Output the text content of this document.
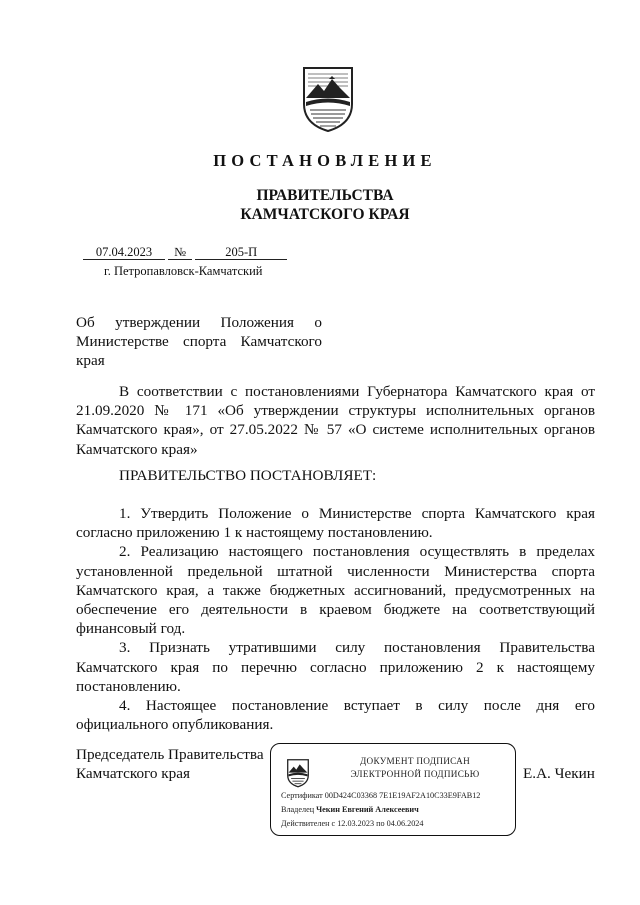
ПОСТАНОВЛЕНИЕ
ПРАВИТЕЛЬСТВА
КАМЧАТСКОГО КРАЯ
07.04.2023 №	205-П
г. Петропавловск-Камчатский
Об утверждении Положения о Министерстве спорта Камчатского края
В соответствии с постановлениями Губернатора Камчатского края от 21.09.2020 № 171 «Об утверждении структуры исполнительных органов Камчатского края», от 27.05.2022 № 57 «О системе исполнительных органов Камчатского края»
ПРАВИТЕЛЬСТВО ПОСТАНОВЛЯЕТ:
1. Утвердить Положение о Министерстве спорта Камчатского края согласно приложению 1 к настоящему постановлению.
2. Реализацию настоящего постановления осуществлять в пределах установленной предельной штатной численности Министерства спорта Камчатского края, а также бюджетных ассигнований, предусмотренных на обеспечение его деятельности в краевом бюджете на соответствующий финансовый год.
3. Признать утратившими силу постановления Правительства Камчатского края по перечню согласно приложению 2 к настоящему постановлению.
4. Настоящее постановление вступает в силу после дня его официального опубликования.
Председатель Правительства
Камчатского края	Е.А. Чекин
ДОКУМЕНТ ПОДПИСАН
ЭЛЕКТРОННОЙ ПОДПИСЬЮ
Сертификат 00D424C03368 7E1E19AF2A10C33E9FAB12
Владелец Чекин Евгений Алексеевич
Действителен с 12.03.2023 по 04.06.2024
